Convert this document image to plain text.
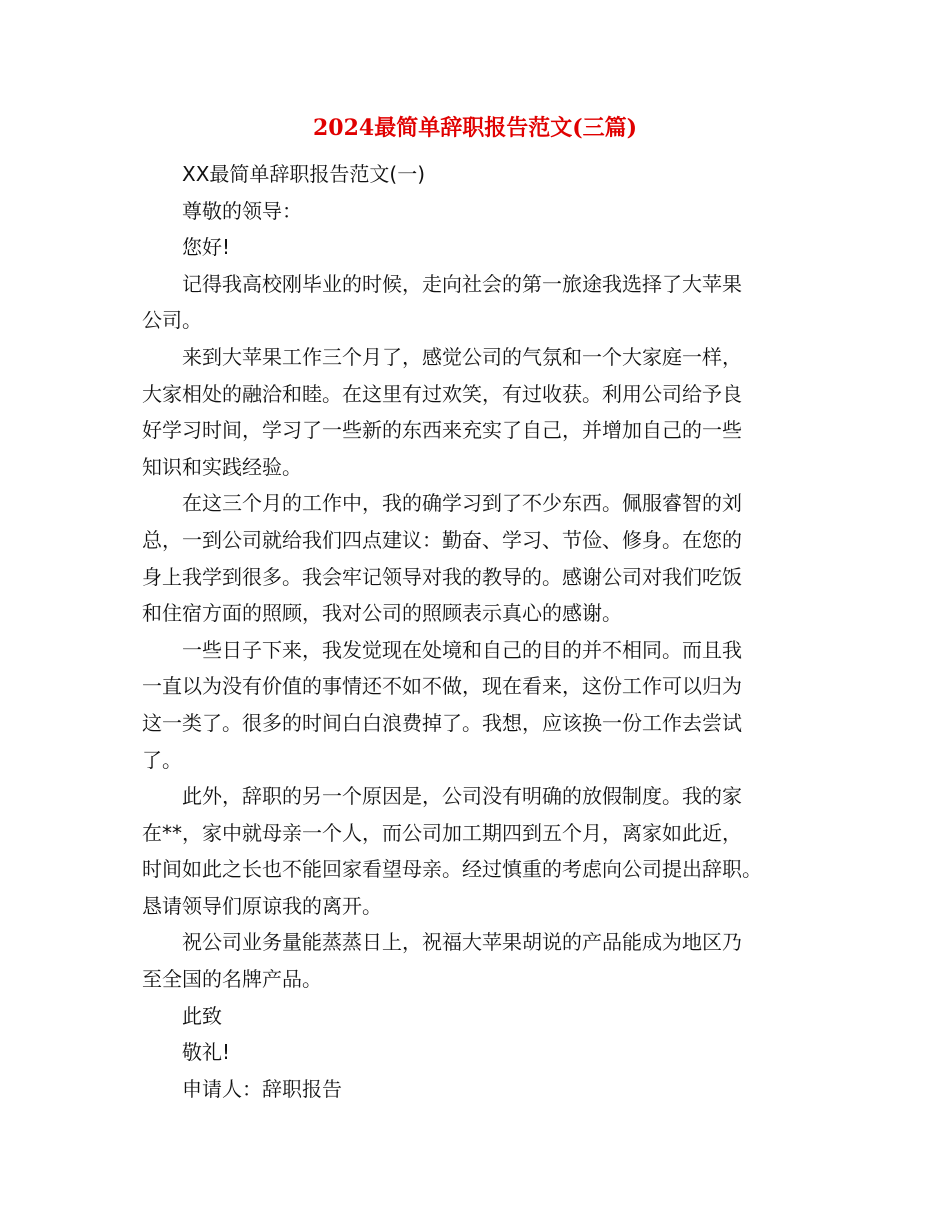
2024最简单辞职报告范文(三篇)

XX最简单辞职报告范文(一)

尊敬的领导：

您好!

记得我高校刚毕业的时候，走向社会的第一旅途我选择了大苹果
公司。

来到大苹果工作三个月了，感觉公司的气氛和一个大家庭一样，
大家相处的融洽和睦。在这里有过欢笑，有过收获。利用公司给予良
好学习时间，学习了一些新的东西来充实了自己，并增加自己的一些
知识和实践经验。

在这三个月的工作中，我的确学习到了不少东西。佩服睿智的刘
总，一到公司就给我们四点建议：勤奋、学习、节俭、修身。在您的
身上我学到很多。我会牢记领导对我的教导的。感谢公司对我们吃饭
和住宿方面的照顾，我对公司的照顾表示真心的感谢。

一些日子下来，我发觉现在处境和自己的目的并不相同。而且我
一直以为没有价值的事情还不如不做，现在看来，这份工作可以归为
这一类了。很多的时间白白浪费掉了。我想，应该换一份工作去尝试
了。

此外，辞职的另一个原因是，公司没有明确的放假制度。我的家
在**，家中就母亲一个人，而公司加工期四到五个月，离家如此近，
时间如此之长也不能回家看望母亲。经过慎重的考虑向公司提出辞职。
恳请领导们原谅我的离开。

祝公司业务量能蒸蒸日上，祝福大苹果胡说的产品能成为地区乃
至全国的名牌产品。

此致

敬礼!

申请人：辞职报告
